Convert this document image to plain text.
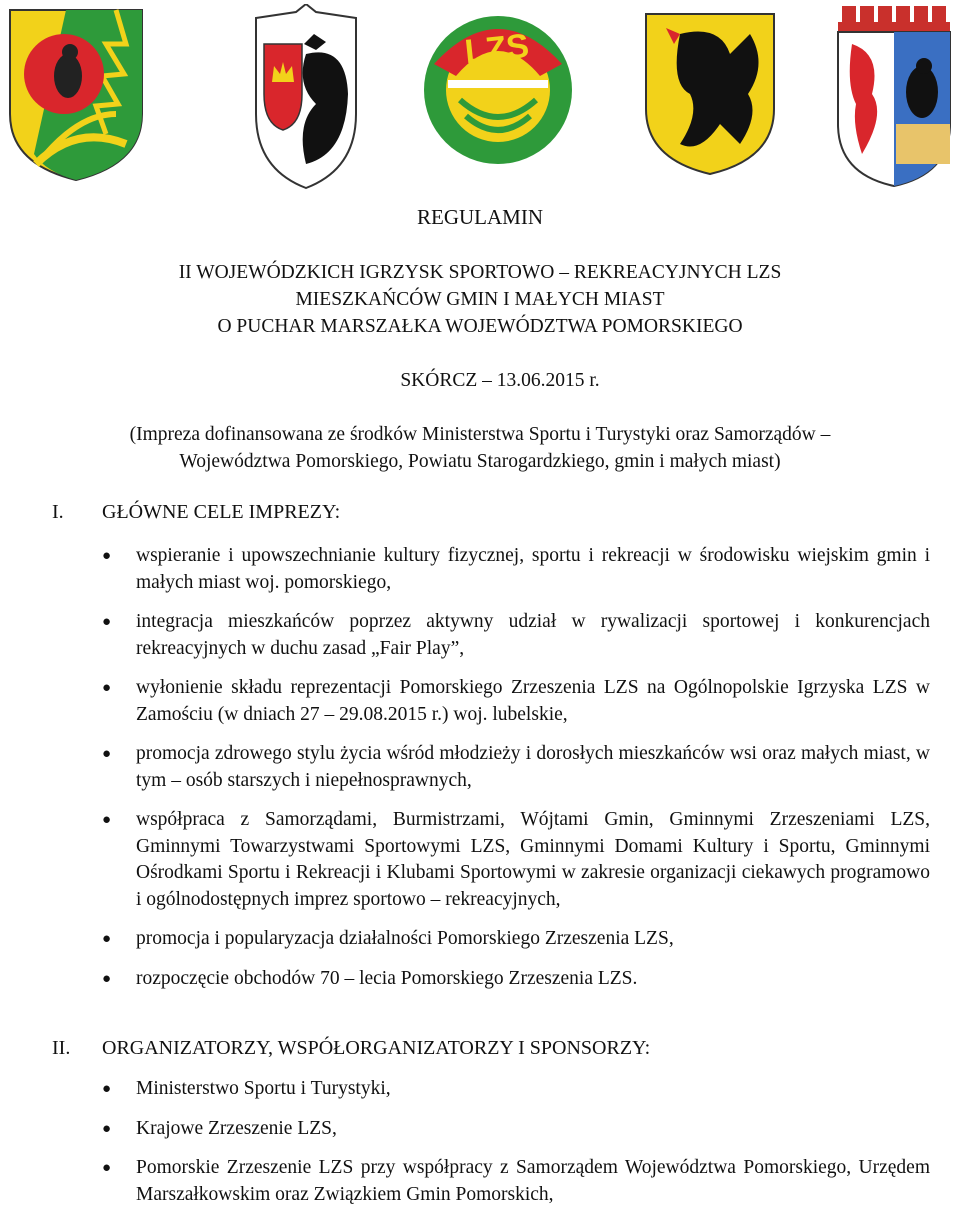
LZS
REGULAMIN
II WOJEWÓDZKICH IGRZYSK SPORTOWO – REKREACYJNYCH LZS
MIESZKAŃCÓW GMIN I MAŁYCH MIAST
O PUCHAR MARSZAŁKA WOJEWÓDZTWA POMORSKIEGO
SKÓRCZ – 13.06.2015 r.
(Impreza dofinansowana ze środków Ministerstwa Sportu i Turystyki oraz Samorządów –
Województwa Pomorskiego, Powiatu Starogardzkiego, gmin i małych miast)
I.	GŁÓWNE CELE IMPREZY:
● wspieranie i upowszechnianie kultury fizycznej, sportu i rekreacji w środowisku wiejskim gmin i małych miast woj. pomorskiego,
● integracja mieszkańców poprzez aktywny udział w rywalizacji sportowej i konkurencjach rekreacyjnych w duchu zasad „Fair Play”,
● wyłonienie składu reprezentacji Pomorskiego Zrzeszenia LZS na Ogólnopolskie Igrzyska LZS w Zamościu (w dniach 27 – 29.08.2015 r.) woj. lubelskie,
● promocja zdrowego stylu życia wśród młodzieży i dorosłych mieszkańców wsi oraz małych miast, w tym – osób starszych i niepełnosprawnych,
● współpraca z Samorządami, Burmistrzami, Wójtami Gmin, Gminnymi Zrzeszeniami LZS, Gminnymi Towarzystwami Sportowymi LZS, Gminnymi Domami Kultury i Sportu, Gminnymi Ośrodkami Sportu i Rekreacji i Klubami Sportowymi w zakresie organizacji ciekawych programowo i ogólnodostępnych imprez sportowo – rekreacyjnych,
● promocja i popularyzacja działalności Pomorskiego Zrzeszenia LZS,
● rozpoczęcie obchodów 70 – lecia Pomorskiego Zrzeszenia LZS.
II.	ORGANIZATORZY, WSPÓŁORGANIZATORZY I SPONSORZY:
● Ministerstwo Sportu i Turystyki,
● Krajowe Zrzeszenie LZS,
● Pomorskie Zrzeszenie LZS przy współpracy z Samorządem Województwa Pomorskiego, Urzędem Marszałkowskim oraz Związkiem Gmin Pomorskich,
